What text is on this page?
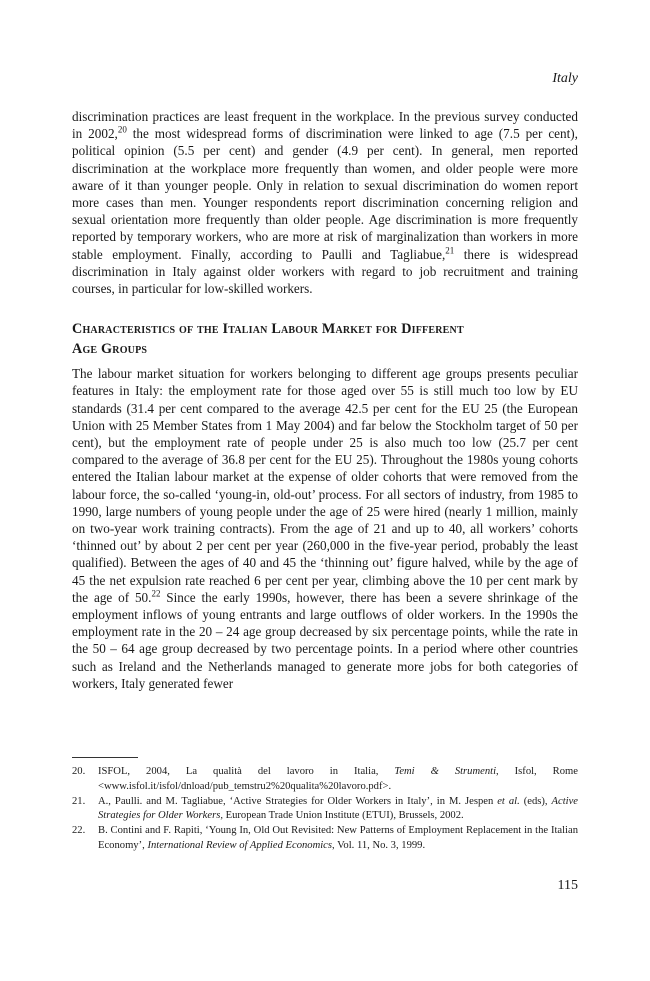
Italy

discrimination practices are least frequent in the workplace. In the previous survey conducted in 2002,20 the most widespread forms of discrimination were linked to age (7.5 per cent), political opinion (5.5 per cent) and gender (4.9 per cent). In general, men reported discrimination at the workplace more frequently than women, and older people were more aware of it than younger people. Only in relation to sexual discrimination do women report more cases than men. Younger respondents report discrimination concerning religion and sexual orientation more frequently than older people. Age discrimination is more frequently reported by temporary workers, who are more at risk of marginalization than workers in more stable employment. Finally, according to Paulli and Tagliabue,$^{21}$ there is widespread discrimination in Italy against older workers with regard to job recruitment and training courses, in particular for low-skilled workers.

Characteristics of the Italian Labour Market for Different
Age Groups

The labour market situation for workers belonging to different age groups presents peculiar features in Italy: the employment rate for those aged over 55 is still much too low by EU standards (31.4 per cent compared to the average 42.5 per cent for the EU 25 (the European Union with 25 Member States from 1 May 2004) and far below the Stockholm target of 50 per cent), but the employment rate of people under 25 is also much too low (25.7 per cent compared to the average of 36.8 per cent for the EU 25). Throughout the 1980s young cohorts entered the Italian labour market at the expense of older cohorts that were removed from the labour force, the so-called ‘young-in, old-out’ process. For all sectors of industry, from 1985 to 1990, large numbers of young people under the age of 25 were hired (nearly 1 million, mainly on two-year work training contracts). From the age of 21 and up to 40, all workers’ cohorts ‘thinned out’ by about 2 per cent per year (260,000 in the five-year period, probably the least qualified). Between the ages of 40 and 45 the ‘thinning out’ figure halved, while by the age of 45 the net expulsion rate reached 6 per cent per year, climbing above the 10 per cent mark by the age of 50.22 Since the early 1990s, however, there has been a severe shrinkage of the employment inflows of young entrants and large outflows of older workers. In the 1990s the employment rate in the 20 – 24 age group decreased by six percentage points, while the rate in the 50 – 64 age group decreased by two percentage points. In a period where other countries such as Ireland and the Netherlands managed to generate more jobs for both categories of workers, Italy generated fewer

20.	ISFOL, 2004, La qualità del lavoro in Italia, Temi & Strumenti, Isfol, Rome <www.isfol.it/isfol/dnload/pub_temstru2%20qualita%20lavoro.pdf>.
21.	A., Paulli. and M. Tagliabue, ‘Active Strategies for Older Workers in Italy’, in M. Jespen et al. (eds), Active Strategies for Older Workers, European Trade Union Institute (ETUI), Brussels, 2002.
22.	B. Contini and F. Rapiti, ‘Young In, Old Out Revisited: New Patterns of Employment Replacement in the Italian Economy’, International Review of Applied Economics, Vol. 11, No. 3, 1999.
115
